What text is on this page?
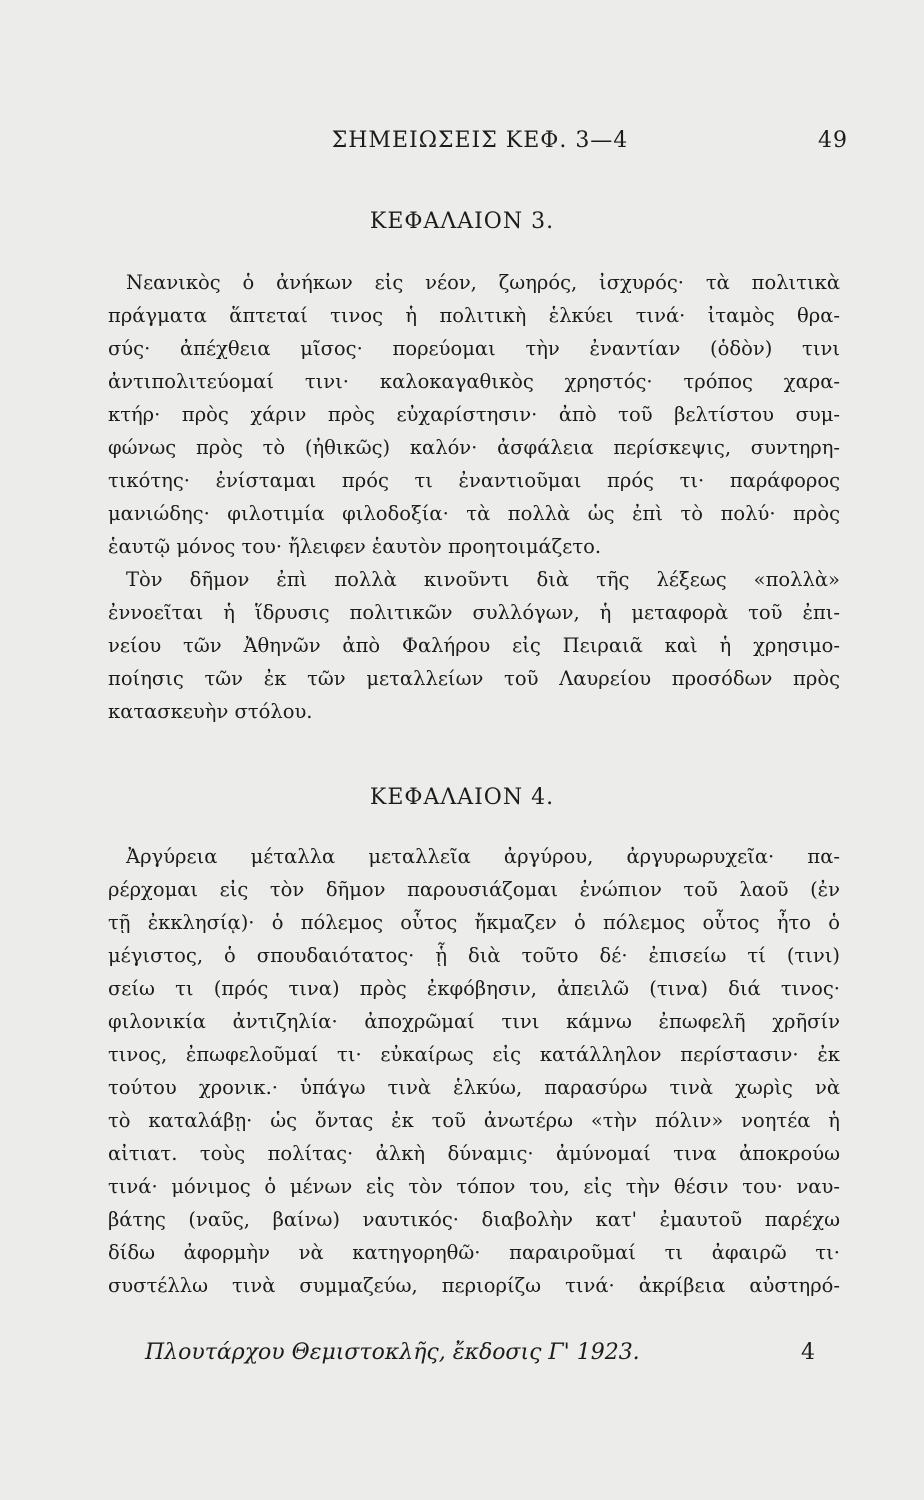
ΣΗΜΕΙΩΣΕΙΣ ΚΕΦ. 3—4	49
ΚΕΦΑΛΑΙΟΝ 3.
Νεανικὸς ὁ ἀνήκων εἰς νέον, ζωηρός, ἰσχυρός· τὰ πολιτικὰ
πράγματα ἅπτεταί τινος ἡ πολιτικὴ ἑλκύει τινά· ἰταμὸς θρα-
σύς· ἀπέχθεια μῖσος· πορεύομαι τὴν ἐναντίαν (ὁδὸν) τινι
ἀντιπολιτεύομαί τινι· καλοκαγαθικὸς χρηστός· τρόπος χαρα-
κτήρ· πρὸς χάριν πρὸς εὐχαρίστησιν· ἀπὸ τοῦ βελτίστου συμ-
φώνως πρὸς τὸ (ἠθικῶς) καλόν· ἀσφάλεια περίσκεψις, συντηρη-
τικότης· ἐνίσταμαι πρός τι ἐναντιοῦμαι πρός τι· παράφορος
μανιώδης· φιλοτιμία φιλοδοξία· τὰ πολλὰ ὡς ἐπὶ τὸ πολύ· πρὸς
ἑαυτῷ μόνος του· ἤλειφεν ἑαυτὸν προητοιμάζετο.
Τὸν δῆμον ἐπὶ πολλὰ κινοῦντι διὰ τῆς λέξεως «πολλὰ»
ἐννοεῖται ἡ ἵδρυσις πολιτικῶν συλλόγων, ἡ μεταφορὰ τοῦ ἐπι-
νείου τῶν Ἀθηνῶν ἀπὸ Φαλήρου εἰς Πειραιᾶ καὶ ἡ χρησιμο-
ποίησις τῶν ἐκ τῶν μεταλλείων τοῦ Λαυρείου προσόδων πρὸς
κατασκευὴν στόλου.
ΚΕΦΑΛΑΙΟΝ 4.
Ἀργύρεια μέταλλα μεταλλεῖα ἀργύρου, ἀργυρωρυχεῖα· πα-
ρέρχομαι εἰς τὸν δῆμον παρουσιάζομαι ἐνώπιον τοῦ λαοῦ (ἐν
τῇ ἐκκλησίᾳ)· ὁ πόλεμος οὗτος ἤκμαζεν ὁ πόλεμος οὗτος ἦτο ὁ
μέγιστος, ὁ σπουδαιότατος· ᾗ διὰ τοῦτο δέ· ἐπισείω τί (τινι)
σείω τι (πρός τινα) πρὸς ἐκφόβησιν, ἀπειλῶ (τινα) διά τινος·
φιλονικία ἀντιζηλία· ἀποχρῶμαί τινι κάμνω ἐπωφελῆ χρῆσίν
τινος, ἐπωφελοῦμαί τι· εὐκαίρως εἰς κατάλληλον περίστασιν· ἐκ
τούτου χρονικ.· ὑπάγω τινὰ ἑλκύω, παρασύρω τινὰ χωρὶς νὰ
τὸ καταλάβῃ· ὡς ὄντας ἐκ τοῦ ἀνωτέρω «τὴν πόλιν» νοητέα ἡ
αἰτιατ. τοὺς πολίτας· ἀλκὴ δύναμις· ἀμύνομαί τινα ἀποκρούω
τινά· μόνιμος ὁ μένων εἰς τὸν τόπον του, εἰς τὴν θέσιν του· ναυ-
βάτης (ναῦς, βαίνω) ναυτικός· διαβολὴν κατ' ἐμαυτοῦ παρέχω
δίδω ἀφορμὴν νὰ κατηγορηθῶ· παραιροῦμαί τι ἀφαιρῶ τι·
συστέλλω τινὰ συμμαζεύω, περιορίζω τινά· ἀκρίβεια αὐστηρό-
Πλουτάρχου Θεμιστοκλῆς, ἔκδοσις Γ' 1923.	4
